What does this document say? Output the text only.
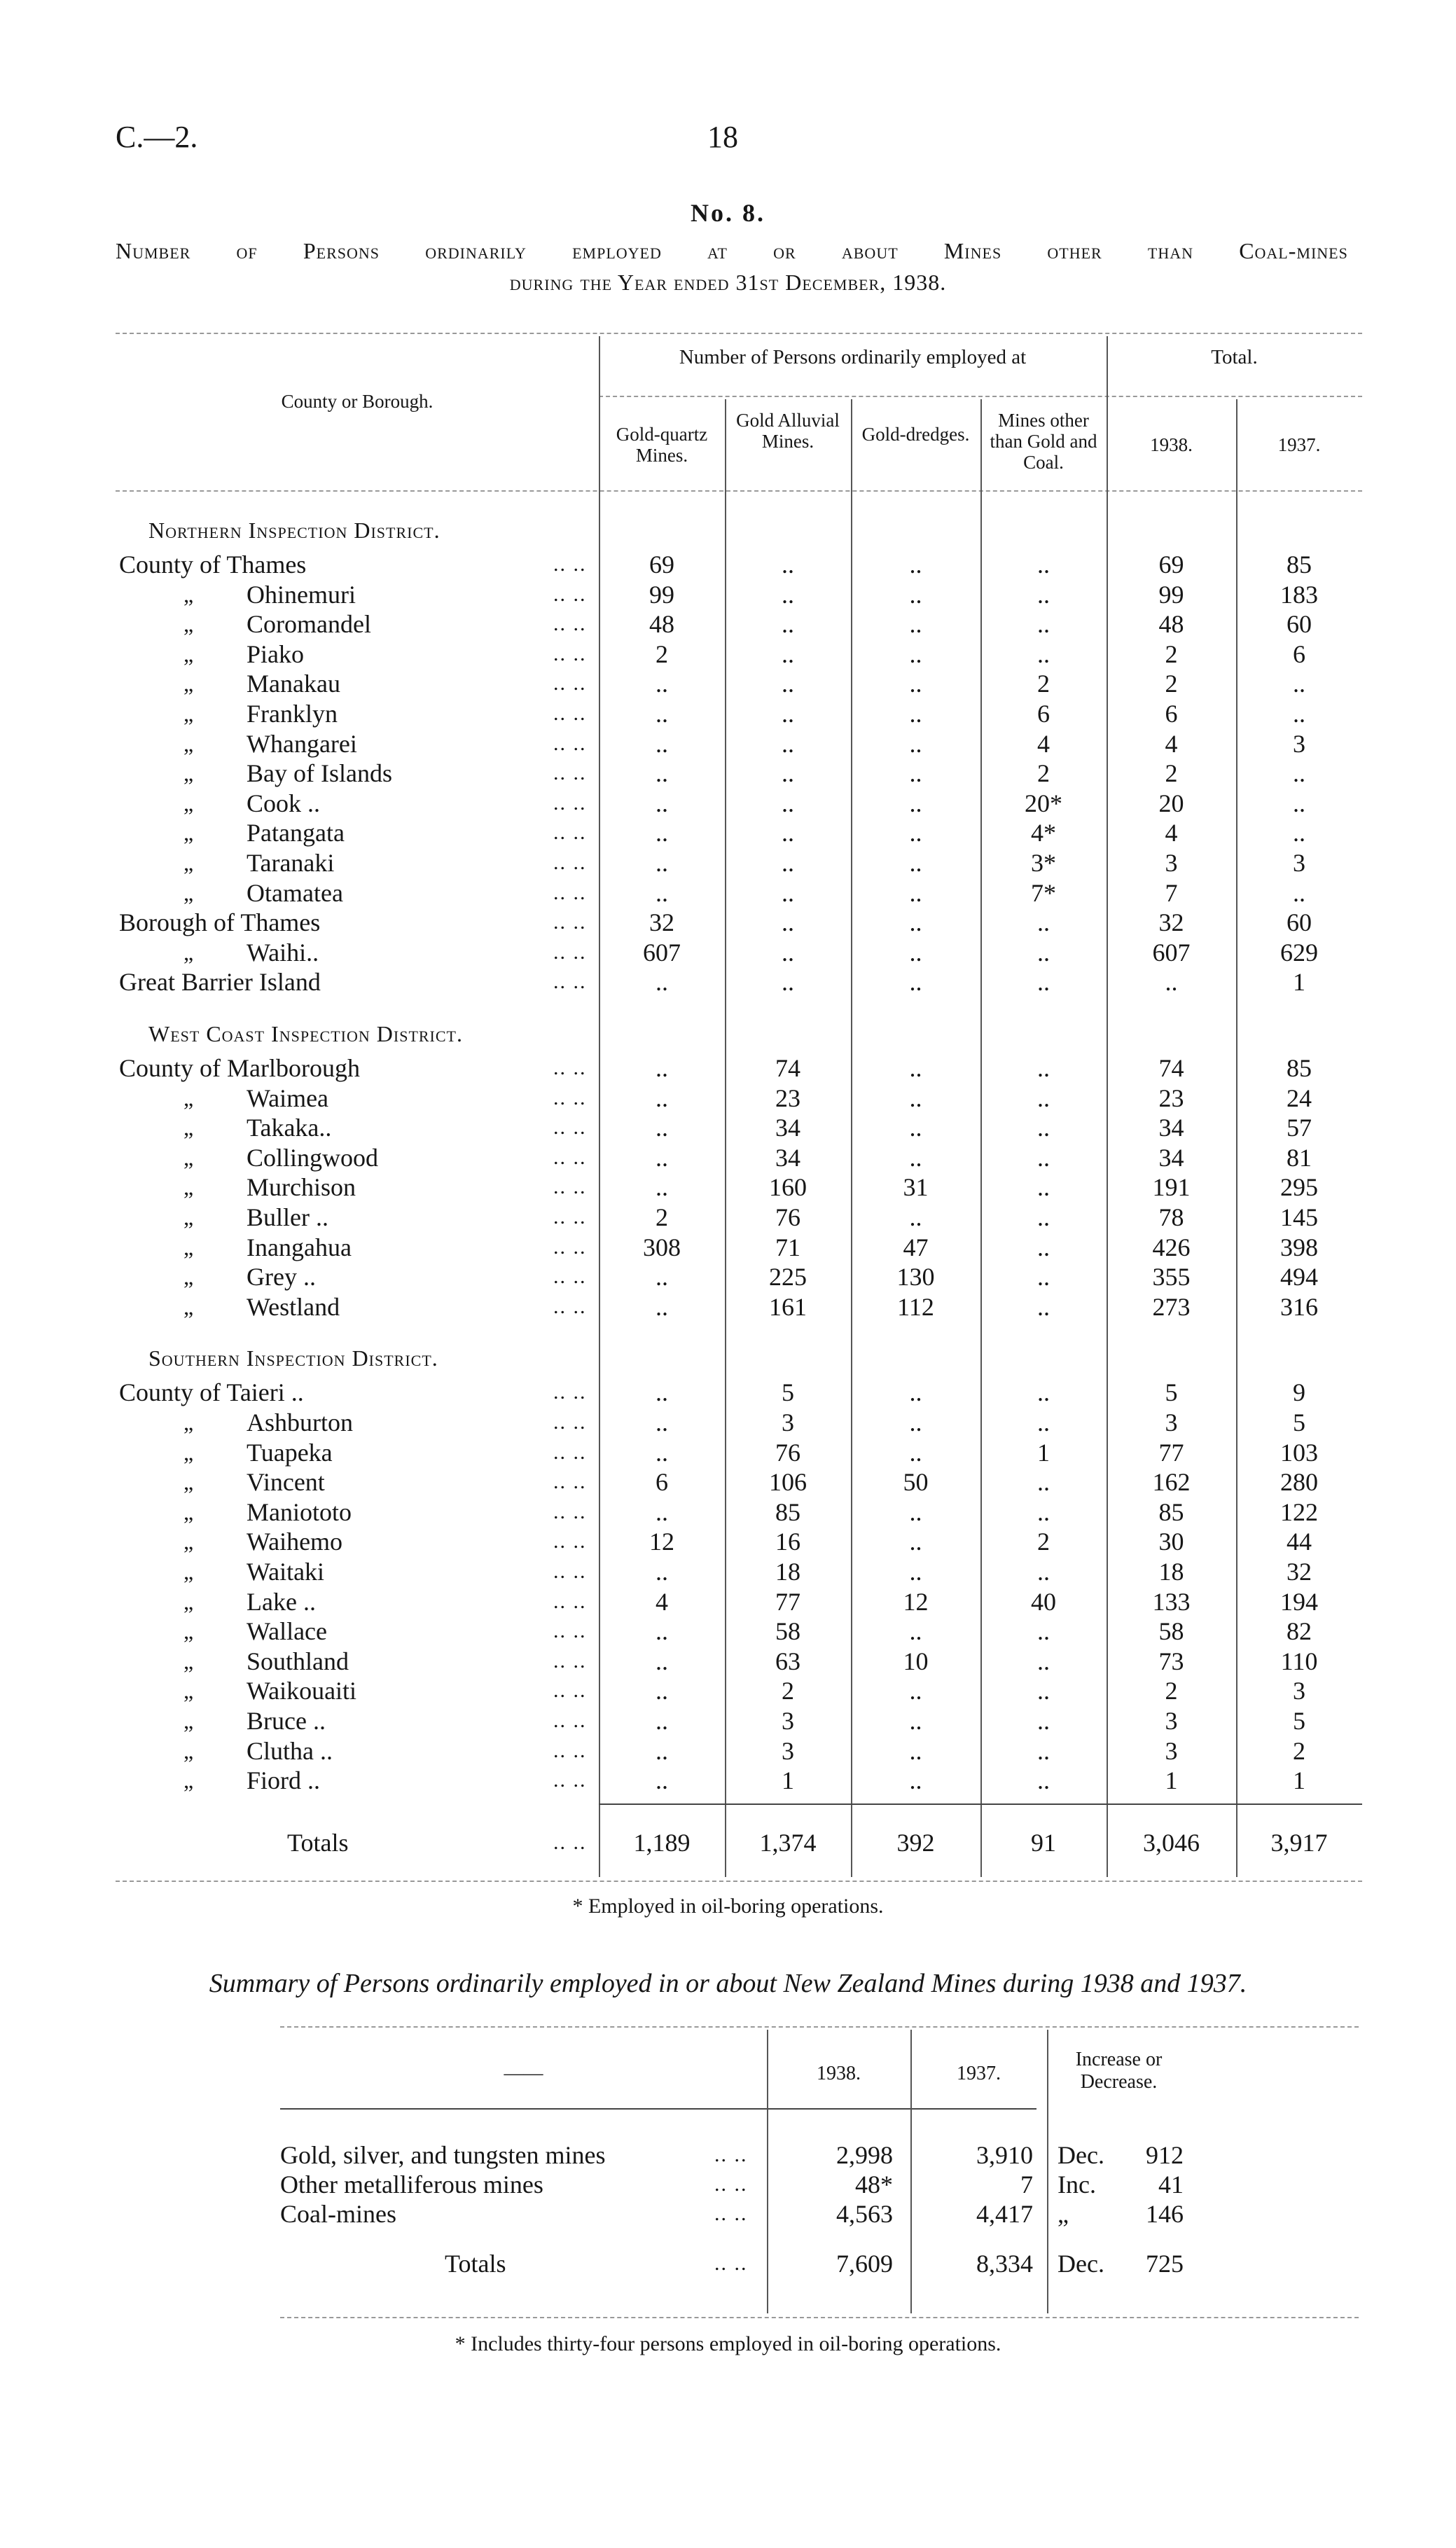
C.—2.	18
No. 8.
Number of Persons ordinarily employed at or about Mines other than Coal-mines
during the Year ended 31st December, 1938.
County or Borough.
Number of Persons ordinarily employed at	Total.
Gold-quartz Mines.
Gold Alluvial Mines.	Gold-dredges.
Mines other than Gold and Coal.
1938.	1937.
Northern Inspection District.
County of Thames	.. ..	69	..	..	..	69	85
„ Ohinemuri	.. ..	99	..	..	..	99	183
„ Coromandel	.. ..	48	..	..	..	48	60
„ Piako	.. ..	2	..	..	..	2	6
„ Manakau	.. ..	..	..	..	2	2	..
„ Franklyn	.. ..	..	..	..	6	6	..
„ Whangarei	.. ..	..	..	..	4	4	3
„ Bay of Islands	.. ..	..	..	..	2	2	..
„ Cook ..	.. ..	..	..	..	20*	20	..
„ Patangata	.. ..	..	..	..	4*	4	..
„ Taranaki	.. ..	..	..	..	3*	3	3
„ Otamatea	.. ..	..	..	..	7*	7	..
Borough of Thames	.. ..	32	..	..	..	32	60
„ Waihi..	.. ..	607	..	..	..	607	629
Great Barrier Island	.. ..	..	..	..	..	..	1
West Coast Inspection District.
County of Marlborough	.. ..	..	74	..	..	74	85
„ Waimea	.. ..	..	23	..	..	23	24
„ Takaka..	.. ..	..	34	..	..	34	57
„ Collingwood	.. ..	..	34	..	..	34	81
„ Murchison	.. ..	..	160	31	..	191	295
„ Buller ..	.. ..	2	76	..	..	78	145
„ Inangahua	.. ..	308	71	47	..	426	398
„ Grey ..	.. ..	..	225	130	..	355	494
„ Westland	.. ..	..	161	112	..	273	316
Southern Inspection District.
County of Taieri ..	.. ..	..	5	..	..	5	9
„ Ashburton	.. ..	..	3	..	..	3	5
„ Tuapeka	.. ..	..	76	..	1	77	103
„ Vincent	.. ..	6	106	50	..	162	280
„ Maniototo	.. ..	..	85	..	..	85	122
„ Waihemo	.. ..	12	16	..	2	30	44
„ Waitaki	.. ..	..	18	..	..	18	32
„ Lake ..	.. ..	4	77	12	40	133	194
„ Wallace	.. ..	..	58	..	..	58	82
„ Southland	.. ..	..	63	10	..	73	110
„ Waikouaiti	.. ..	..	2	..	..	2	3
„ Bruce ..	.. ..	..	3	..	..	3	5
„ Clutha ..	.. ..	..	3	..	..	3	2
„ Fiord ..	.. ..	..	1	..	..	1	1
Totals	.. ..	1,189	1,374	392	91	3,046	3,917
* Employed in oil-boring operations.
Summary of Persons ordinarily employed in or about New Zealand Mines during 1938 and 1937.
——	1938.	1937.
Increase or Decrease.
Gold, silver, and tungsten mines	.. ..	2,998	3,910 Dec. 912
Other metalliferous mines	.. ..	48*	7 Inc. 41
Coal-mines	.. ..	4,563	4,417 „	146
Totals	.. ..	7,609	8,334 Dec. 725
* Includes thirty-four persons employed in oil-boring operations.
